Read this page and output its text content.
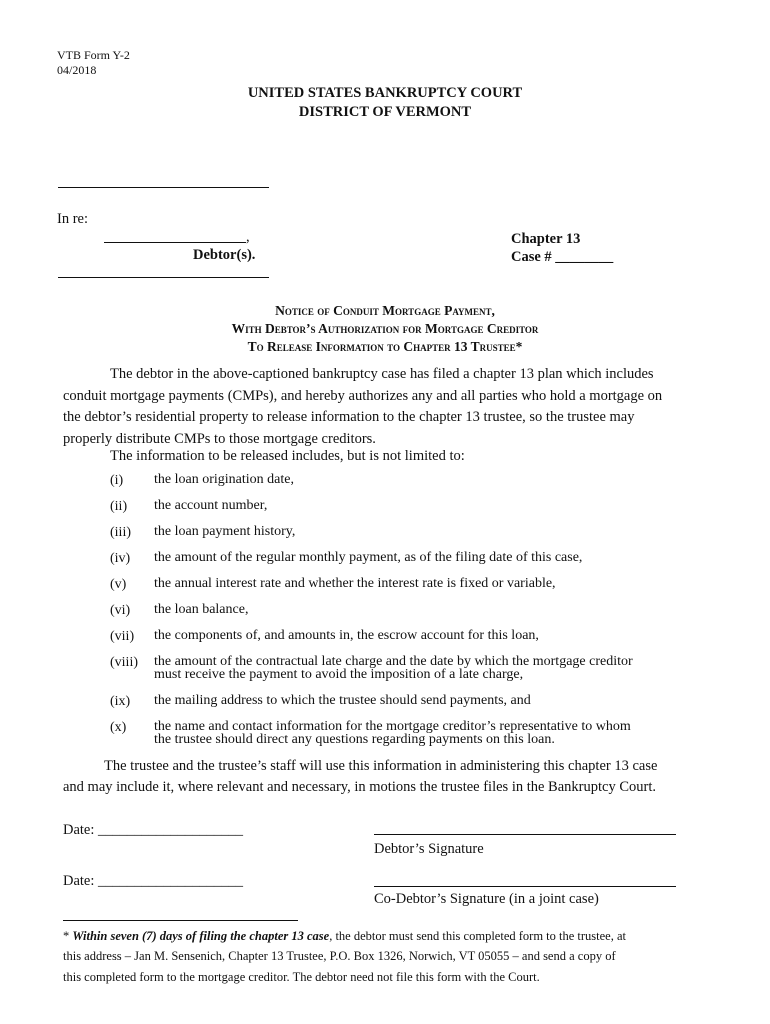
VTB Form Y-2
04/2018
UNITED STATES BANKRUPTCY COURT
DISTRICT OF VERMONT
In re:
,
Debtor(s).
Chapter 13
Case # ________
Notice of Conduit Mortgage Payment,
With Debtor’s Authorization for Mortgage Creditor
To Release Information to Chapter 13 Trustee*
The debtor in the above-captioned bankruptcy case has filed a chapter 13 plan which includes
conduit mortgage payments (CMPs), and hereby authorizes any and all parties who hold a mortgage on
the debtor’s residential property to release information to the chapter 13 trustee, so the trustee may
properly distribute CMPs to those mortgage creditors.
The information to be released includes, but is not limited to:
(i) the loan origination date,
(ii) the account number,
(iii) the loan payment history,
(iv) the amount of the regular monthly payment, as of the filing date of this case,
(v) the annual interest rate and whether the interest rate is fixed or variable,
(vi) the loan balance,
(vii) the components of, and amounts in, the escrow account for this loan,
(viii) the amount of the contractual late charge and the date by which the mortgage creditor
must receive the payment to avoid the imposition of a late charge,
(ix) the mailing address to which the trustee should send payments, and
(x) the name and contact information for the mortgage creditor’s representative to whom
the trustee should direct any questions regarding payments on this loan.
The trustee and the trustee’s staff will use this information in administering this chapter 13 case
and may include it, where relevant and necessary, in motions the trustee files in the Bankruptcy Court.
Date: ____________________
Debtor’s Signature
Date: ____________________
Co-Debtor’s Signature (in a joint case)
* Within seven (7) days of filing the chapter 13 case, the debtor must send this completed form to the trustee, at
this address – Jan M. Sensenich, Chapter 13 Trustee, P.O. Box 1326, Norwich, VT 05055 – and send a copy of
this completed form to the mortgage creditor. The debtor need not file this form with the Court.
